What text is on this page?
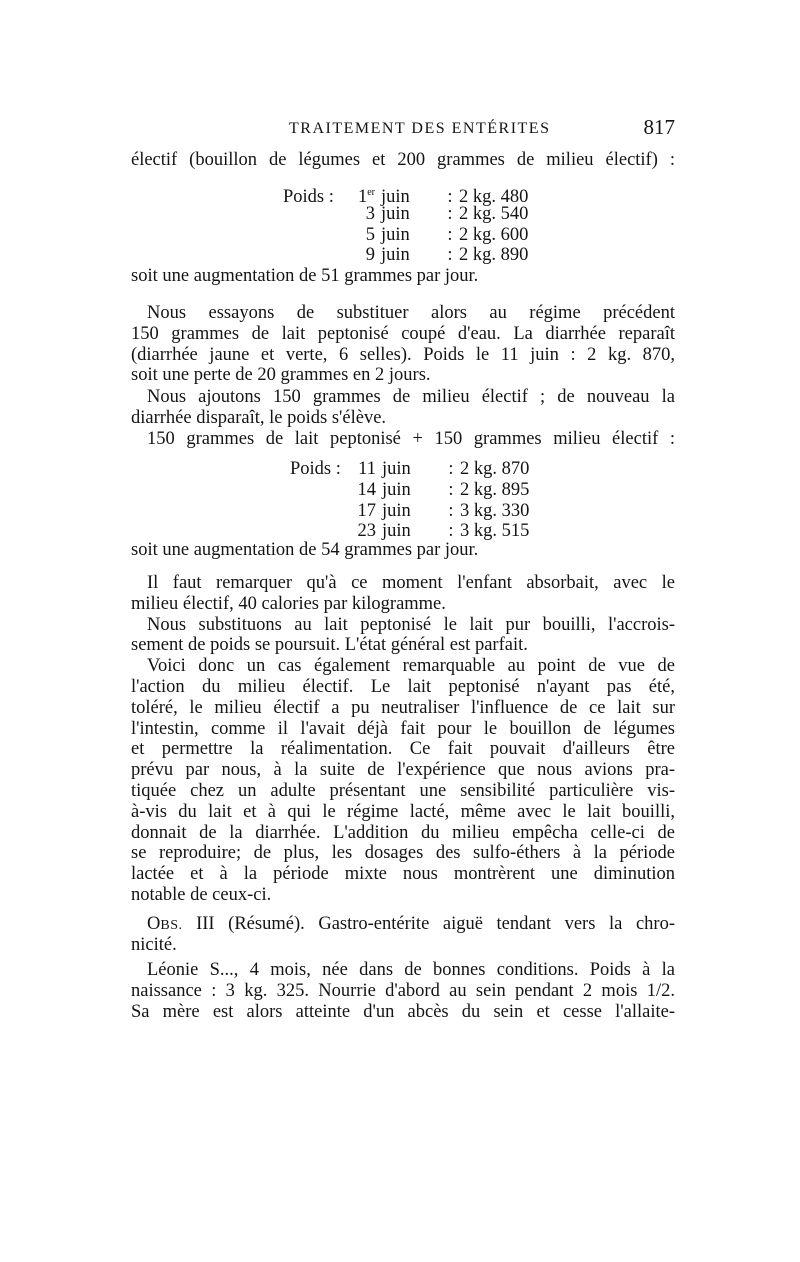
TRAITEMENT DES ENTÉRITES	817
électif (bouillon de légumes et 200 grammes de milieu électif) :
Poids : 1er juin : 2 kg. 480
3 juin : 2 kg. 540
5 juin : 2 kg. 600
9 juin : 2 kg. 890
soit une augmentation de 51 grammes par jour.
Nous essayons de substituer alors au régime précédent
150 grammes de lait peptonisé coupé d'eau. La diarrhée reparaît
(diarrhée jaune et verte, 6 selles). Poids le 11 juin : 2 kg. 870,
soit une perte de 20 grammes en 2 jours.
Nous ajoutons 150 grammes de milieu électif ; de nouveau la
diarrhée disparaît, le poids s'élève.
150 grammes de lait peptonisé + 150 grammes milieu électif :
Poids : 11 juin : 2 kg. 870
14 juin : 2 kg. 895
17 juin : 3 kg. 330
23 juin : 3 kg. 515
soit une augmentation de 54 grammes par jour.
Il faut remarquer qu'à ce moment l'enfant absorbait, avec le
milieu électif, 40 calories par kilogramme.
Nous substituons au lait peptonisé le lait pur bouilli, l'accrois-
sement de poids se poursuit. L'état général est parfait.
Voici donc un cas également remarquable au point de vue de
l'action du milieu électif. Le lait peptonisé n'ayant pas été,
toléré, le milieu électif a pu neutraliser l'influence de ce lait sur
l'intestin, comme il l'avait déjà fait pour le bouillon de légumes
et permettre la réalimentation. Ce fait pouvait d'ailleurs être
prévu par nous, à la suite de l'expérience que nous avions pra-
tiquée chez un adulte présentant une sensibilité particulière vis-
à-vis du lait et à qui le régime lacté, même avec le lait bouilli,
donnait de la diarrhée. L'addition du milieu empêcha celle-ci de
se reproduire; de plus, les dosages des sulfo-éthers à la période
lactée et à la période mixte nous montrèrent une diminution
notable de ceux-ci.
OBS. III (Résumé). Gastro-entérite aiguë tendant vers la chro-
nicité.
Léonie S..., 4 mois, née dans de bonnes conditions. Poids à la
naissance : 3 kg. 325. Nourrie d'abord au sein pendant 2 mois 1/2.
Sa mère est alors atteinte d'un abcès du sein et cesse l'allaite-
